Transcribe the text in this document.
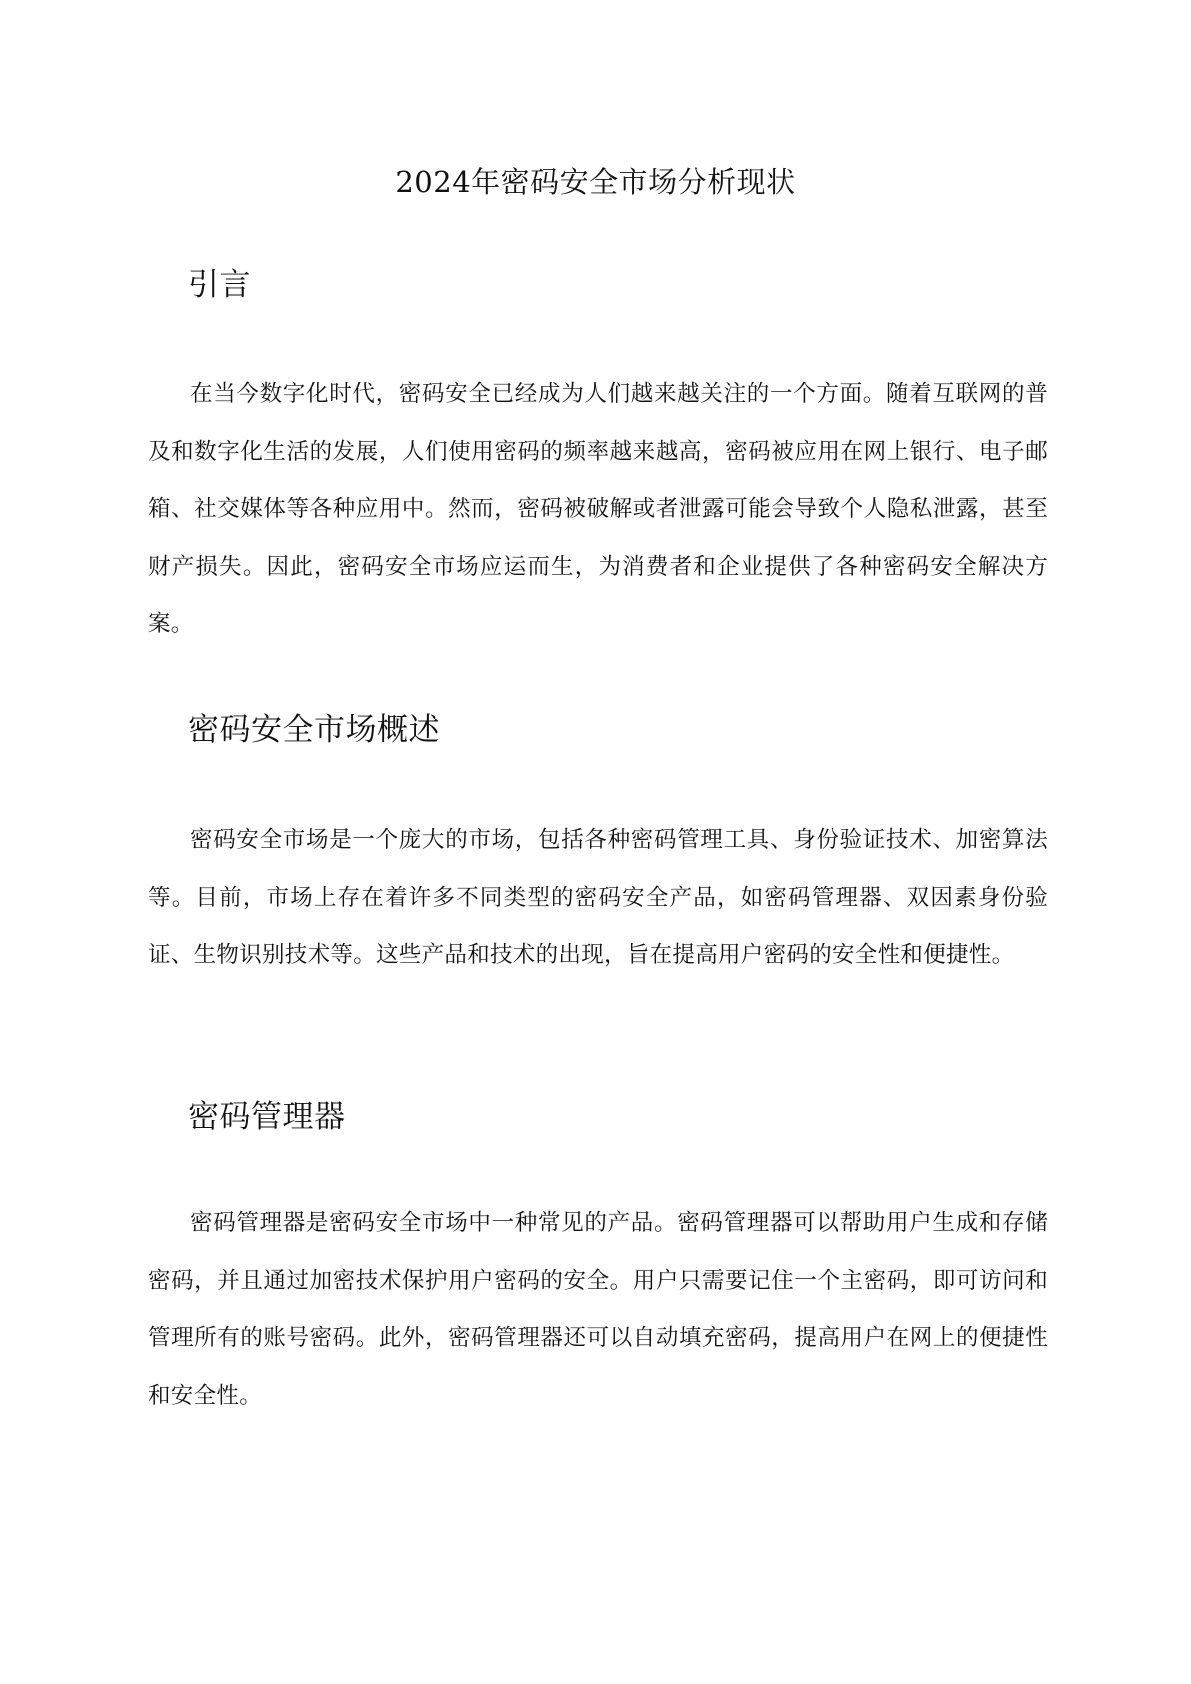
2024年密码安全市场分析现状
引言

在当今数字化时代，密码安全已经成为人们越来越关注的一个方面。随着互联网的普及和数字化生活的发展，人们使用密码的频率越来越高，密码被应用在网上银行、电子邮箱、社交媒体等各种应用中。然而，密码被破解或者泄露可能会导致个人隐私泄露，甚至财产损失。因此，密码安全市场应运而生，为消费者和企业提供了各种密码安全解决方案。

密码安全市场概述

密码安全市场是一个庞大的市场，包括各种密码管理工具、身份验证技术、加密算法等。目前，市场上存在着许多不同类型的密码安全产品，如密码管理器、双因素身份验证、生物识别技术等。这些产品和技术的出现，旨在提高用户密码的安全性和便捷性。

密码管理器

密码管理器是密码安全市场中一种常见的产品。密码管理器可以帮助用户生成和存储密码，并且通过加密技术保护用户密码的安全。用户只需要记住一个主密码，即可访问和管理所有的账号密码。此外，密码管理器还可以自动填充密码，提高用户在网上的便捷性和安全性。
